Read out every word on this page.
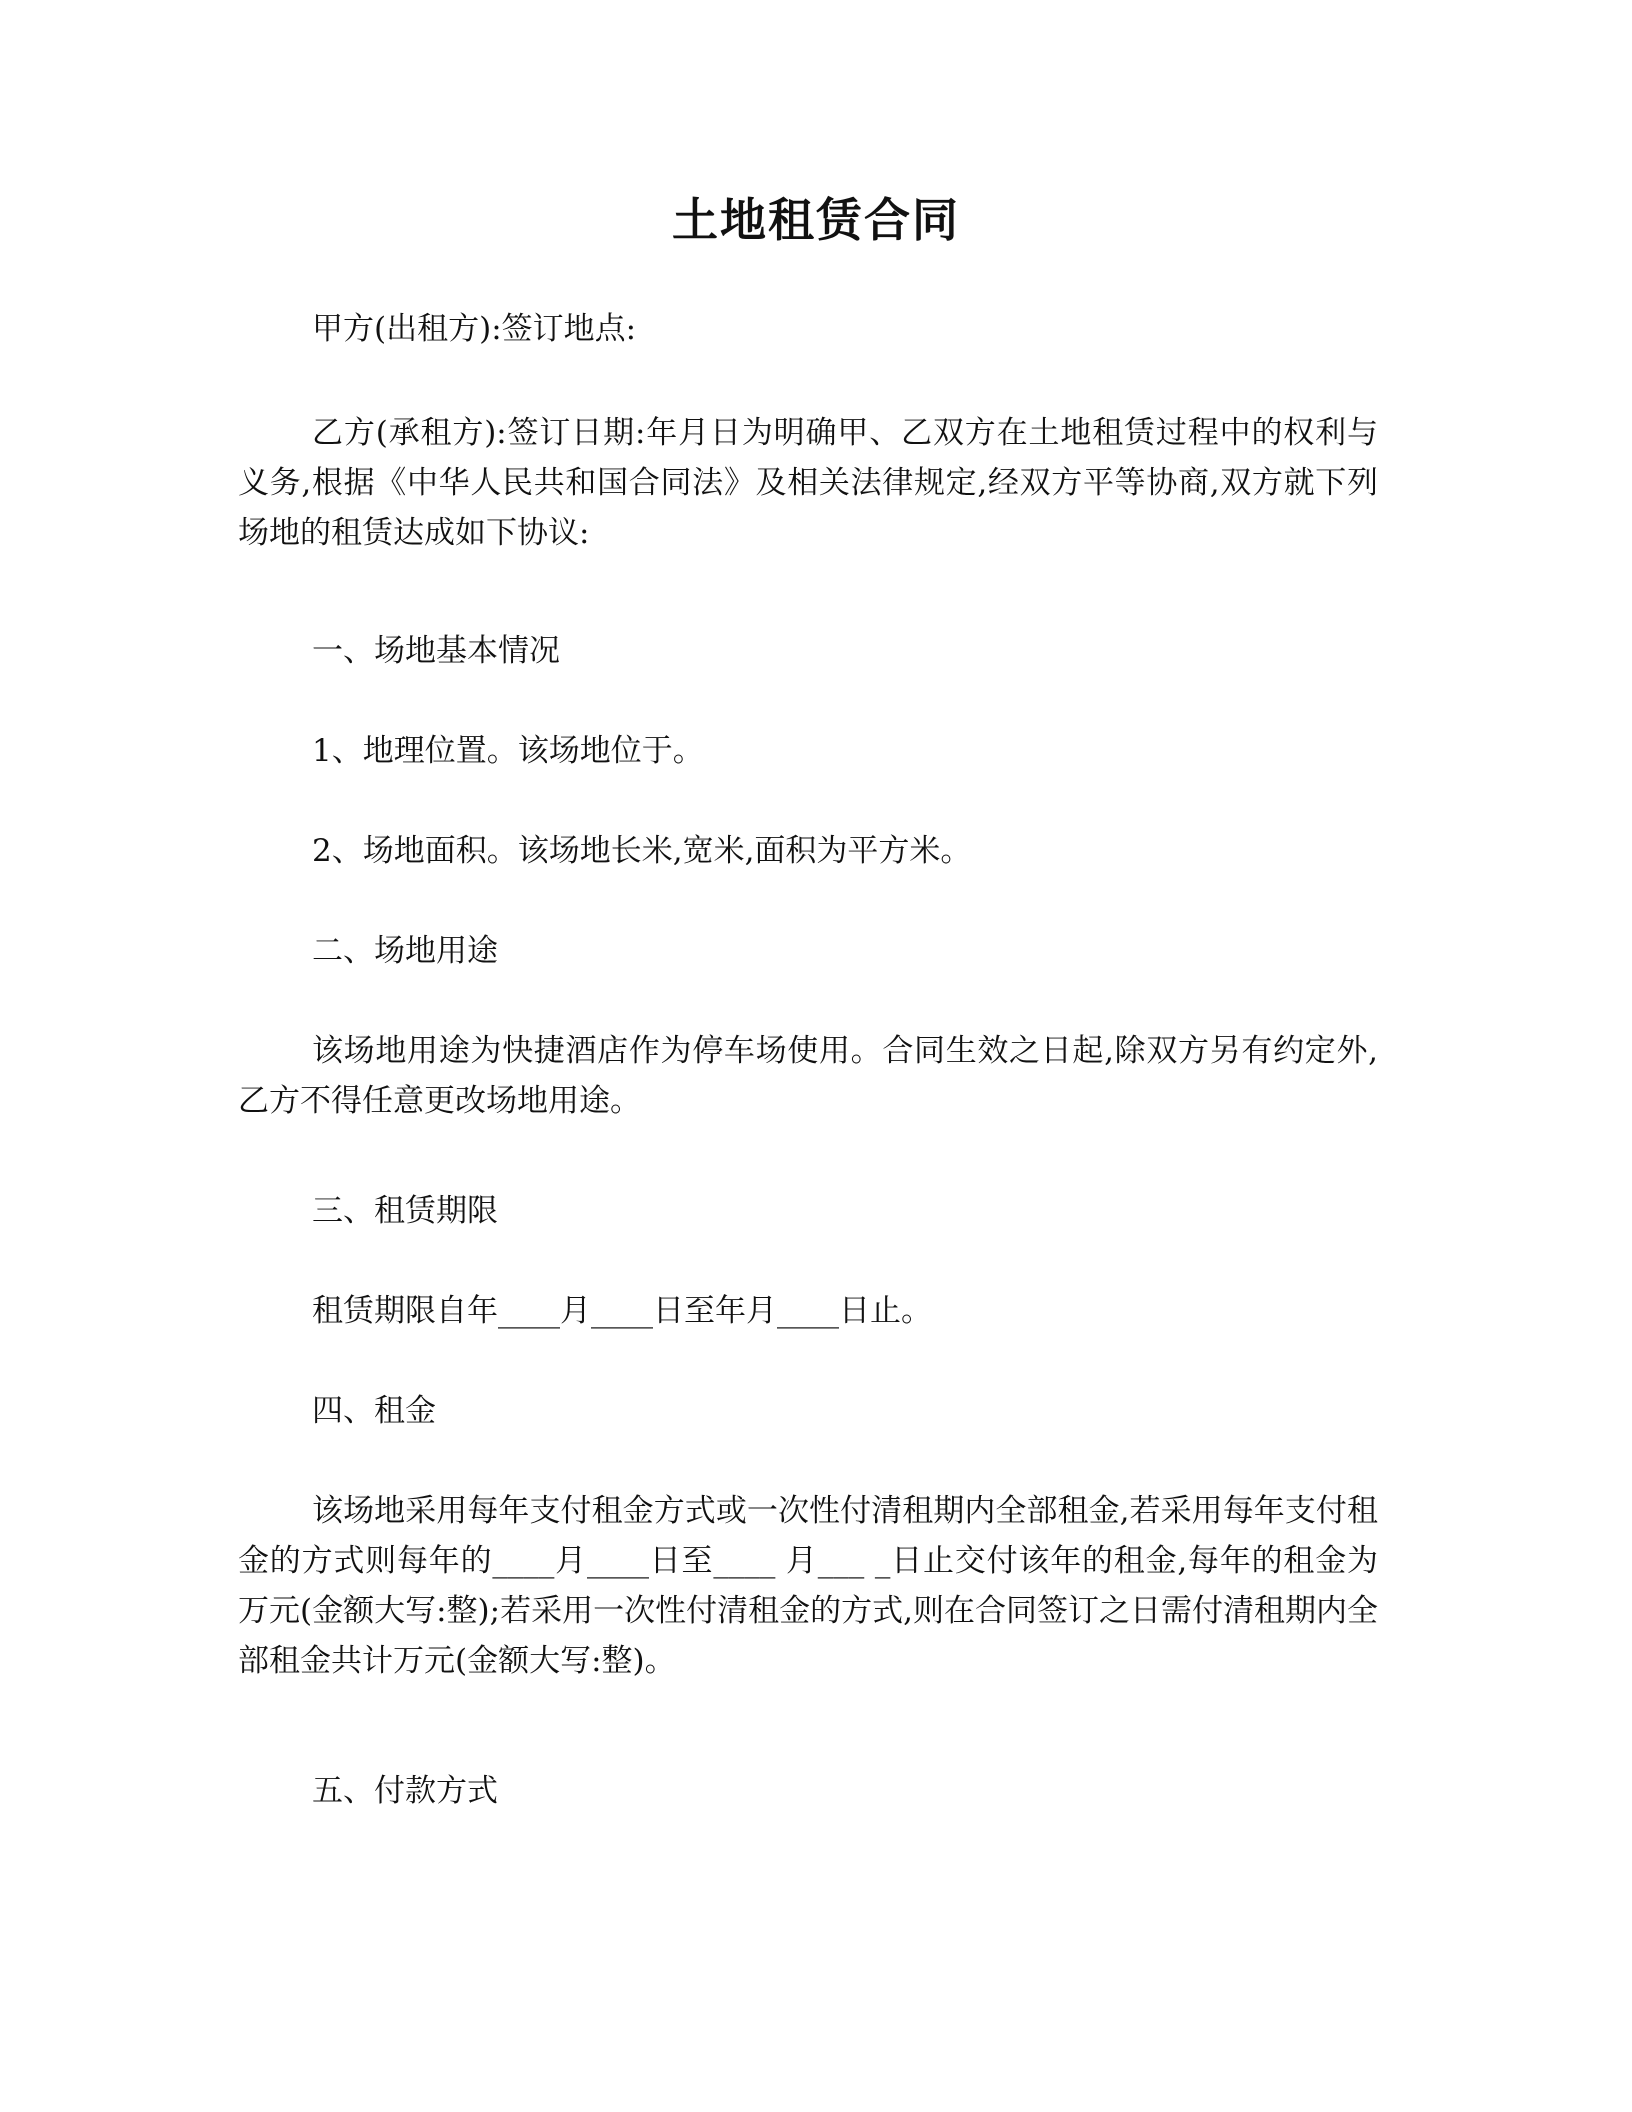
土地租赁合同

甲方(出租方):签订地点:

乙方(承租方):签订日期:年月日为明确甲、乙双方在土地租赁过程中的权利与义务,根据《中华人民共和国合同法》及相关法律规定,经双方平等协商,双方就下列场地的租赁达成如下协议:

一、场地基本情况

1、地理位置。该场地位于。

2、场地面积。该场地长米,宽米,面积为平方米。

二、场地用途

该场地用途为快捷酒店作为停车场使用。合同生效之日起,除双方另有约定外,乙方不得任意更改场地用途。

三、租赁期限

租赁期限自年____月____日至年月____日止。

四、租金

该场地采用每年支付租金方式或一次性付清租期内全部租金,若采用每年支付租金的方式则每年的____月____日至____ 月___ _日止交付该年的租金,每年的租金为万元(金额大写:整);若采用一次性付清租金的方式,则在合同签订之日需付清租期内全部租金共计万元(金额大写:整)。

五、付款方式
